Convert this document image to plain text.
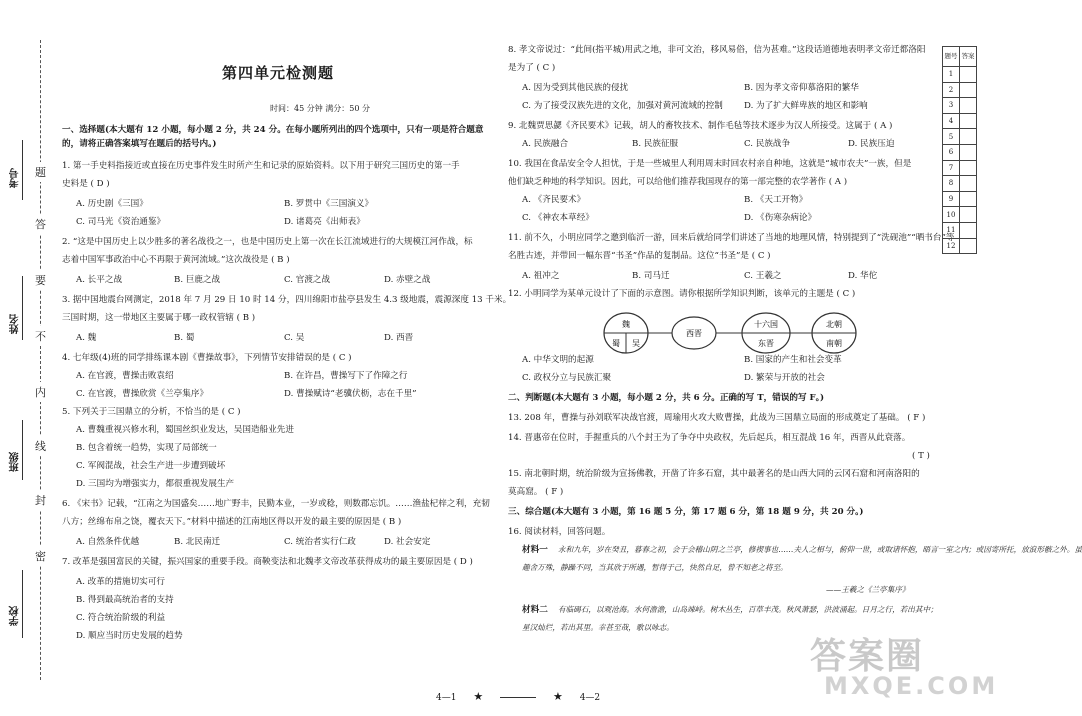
题
答
要
不
内
线
封
密
考号
姓名
班级
学校
第四单元检测题
时间：45 分钟 满分：50 分
一、选择题(本大题有 12 小题，每小题 2 分，共 24 分。在每小题所列出的四个选项中，只有一项是符合题意
的，请将正确答案填写在题后的括号内。)
1. 第一手史料指接近或直接在历史事件发生时所产生和记录的原始资料。以下用于研究三国历史的第一手
史料是 ( D )
A. 历史剧《三国》	B. 罗贯中《三国演义》
C. 司马光《资治通鉴》	D. 诸葛亮《出师表》
2. “这是中国历史上以少胜多的著名战役之一，也是中国历史上第一次在长江流域进行的大规模江河作战，标
志着中国军事政治中心不再限于黄河流域。”这次战役是 ( B )
A. 长平之战	B. 巨鹿之战	C. 官渡之战	D. 赤壁之战
3. 据中国地震台网测定，2018 年 7 月 29 日 10 时 14 分，四川绵阳市盐亭县发生 4.3 级地震，震源深度 13 千米。
三国时期，这一带地区主要属于哪一政权管辖 ( B )
A. 魏	B. 蜀	C. 吴	D. 西晋
4. 七年级(4)班的同学排练课本剧《曹操故事》，下列情节安排错误的是 ( C )
A. 在官渡，曹操击败袁绍	B. 在许昌，曹操写下了作障之行
C. 在官渡，曹操欣赏《兰亭集序》	D. 曹操赋诗“老骥伏枥，志在千里”
5. 下列关于三国鼎立的分析，不恰当的是 ( C )
A. 曹魏重视兴修水利，蜀国丝织业发达，吴国造船业先进
B. 包含着统一趋势，实现了局部统一
C. 军阀混战，社会生产进一步遭到破坏
D. 三国均为增强实力，都很重视发展生产
6. 《宋书》记载，“江南之为国盛矣……地广野丰，民勤本业，一岁或稔，则数郡忘饥。……渔盐杞梓之利，充韧
八方；丝绵布帛之饶，覆衣天下。”材料中描述的江南地区得以开发的最主要的原因是 ( B )
A. 自然条件优越	B. 北民南迁	C. 统治者实行仁政	D. 社会安定
7. 改革是强国富民的关键，振兴国家的重要手段。商鞅变法和北魏孝文帝改革获得成功的最主要原因是 ( D )
A. 改革的措施切实可行
B. 得到最高统治者的支持
C. 符合统治阶级的利益
D. 顺应当时历史发展的趋势
8. 孝文帝说过：“此间(指平城)用武之地，非可文治，移风易俗，信为甚难。”这段话道德地表明孝文帝迁都洛阳
是为了 ( C )
A. 因为受到其他民族的侵扰	B. 因为孝文帝仰慕洛阳的繁华
C. 为了接受汉族先进的文化，加强对黄河流域的控制 D. 为了扩大鲜卑族的地区和影响
9. 北魏贾思勰《齐民要术》记载，胡人的畜牧技术、制作毛毡等技术逐步为汉人所接受。这属于 ( A )
A. 民族融合	B. 民族征服	C. 民族战争	D. 民族压迫
10. 我国在食品安全令人担忧，于是一些城里人利用周末时回农村亲自种地，这就是“城市农夫”一族，但是
他们缺乏种地的科学知识。因此，可以给他们推荐我国现存的第一部完整的农学著作 ( A )
A. 《齐民要术》	B. 《天工开物》
C. 《神农本草经》	D. 《伤寒杂病论》
11. 前不久，小明应同学之邀到临沂一游，回来后就给同学们讲述了当地的地理风情，特别提到了“洗砚池”“晒书台”等
名胜古迹，并带回一幅东晋“书圣”作品的复制品。这位“书圣”是 ( C )
A. 祖冲之	B. 司马迁	C. 王羲之	D. 华佗
12. 小明同学为某单元设计了下面的示意图。请你根据所学知识判断，该单元的主题是 ( C )
魏
蜀 吴
西晋
十六国
东晋
北朝
南朝
A. 中华文明的起源	B. 国家的产生和社会变革
C. 政权分立与民族汇聚	D. 繁荣与开放的社会
二、判断题(本大题有 3 小题，每小题 2 分，共 6 分。正确的写 T，错误的写 F。)
13. 208 年，曹操与孙刘联军决战官渡，周瑜用火攻大败曹操，此战为三国鼎立局面的形成奠定了基础。 ( F )
14. 晋惠帝在位时，手握重兵的八个封王为了争夺中央政权，先后起兵，相互混战 16 年，西晋从此衰落。
( T )
15. 南北朝时期，统治阶级为宣扬佛教，开凿了许多石窟，其中最著名的是山西大同的云冈石窟和河南洛阳的
莫高窟。 ( F )
三、综合题(本大题有 3 小题，第 16 题 5 分，第 17 题 6 分，第 18 题 9 分，共 20 分。)
16. 阅读材料，回答问题。
材料一 永和九年，岁在癸丑，暮春之初，会于会稽山阴之兰亭，修禊事也……夫人之相与，俯仰一世，或取诸怀抱，晤言一室之内；或因寄所托，放浪形骸之外。虽
趣舍万殊，静躁不同，当其欣于所遇，暂得于己，快然自足，曾不知老之将至。
——王羲之《兰亭集序》
材料二 有临碣石，以观沧海。水何澹澹，山岛竦峙。树木丛生，百草丰茂。秋风萧瑟，洪波涌起。日月之行，若出其中；
星汉灿烂，若出其里。幸甚至哉，歌以咏志。
题号	答案
1	
2	
3	
4	
5	
6	
7	
8	
9	
10	
11	
12	
4—1 ★	★ 4—2
答案圈
MXQE.COM
